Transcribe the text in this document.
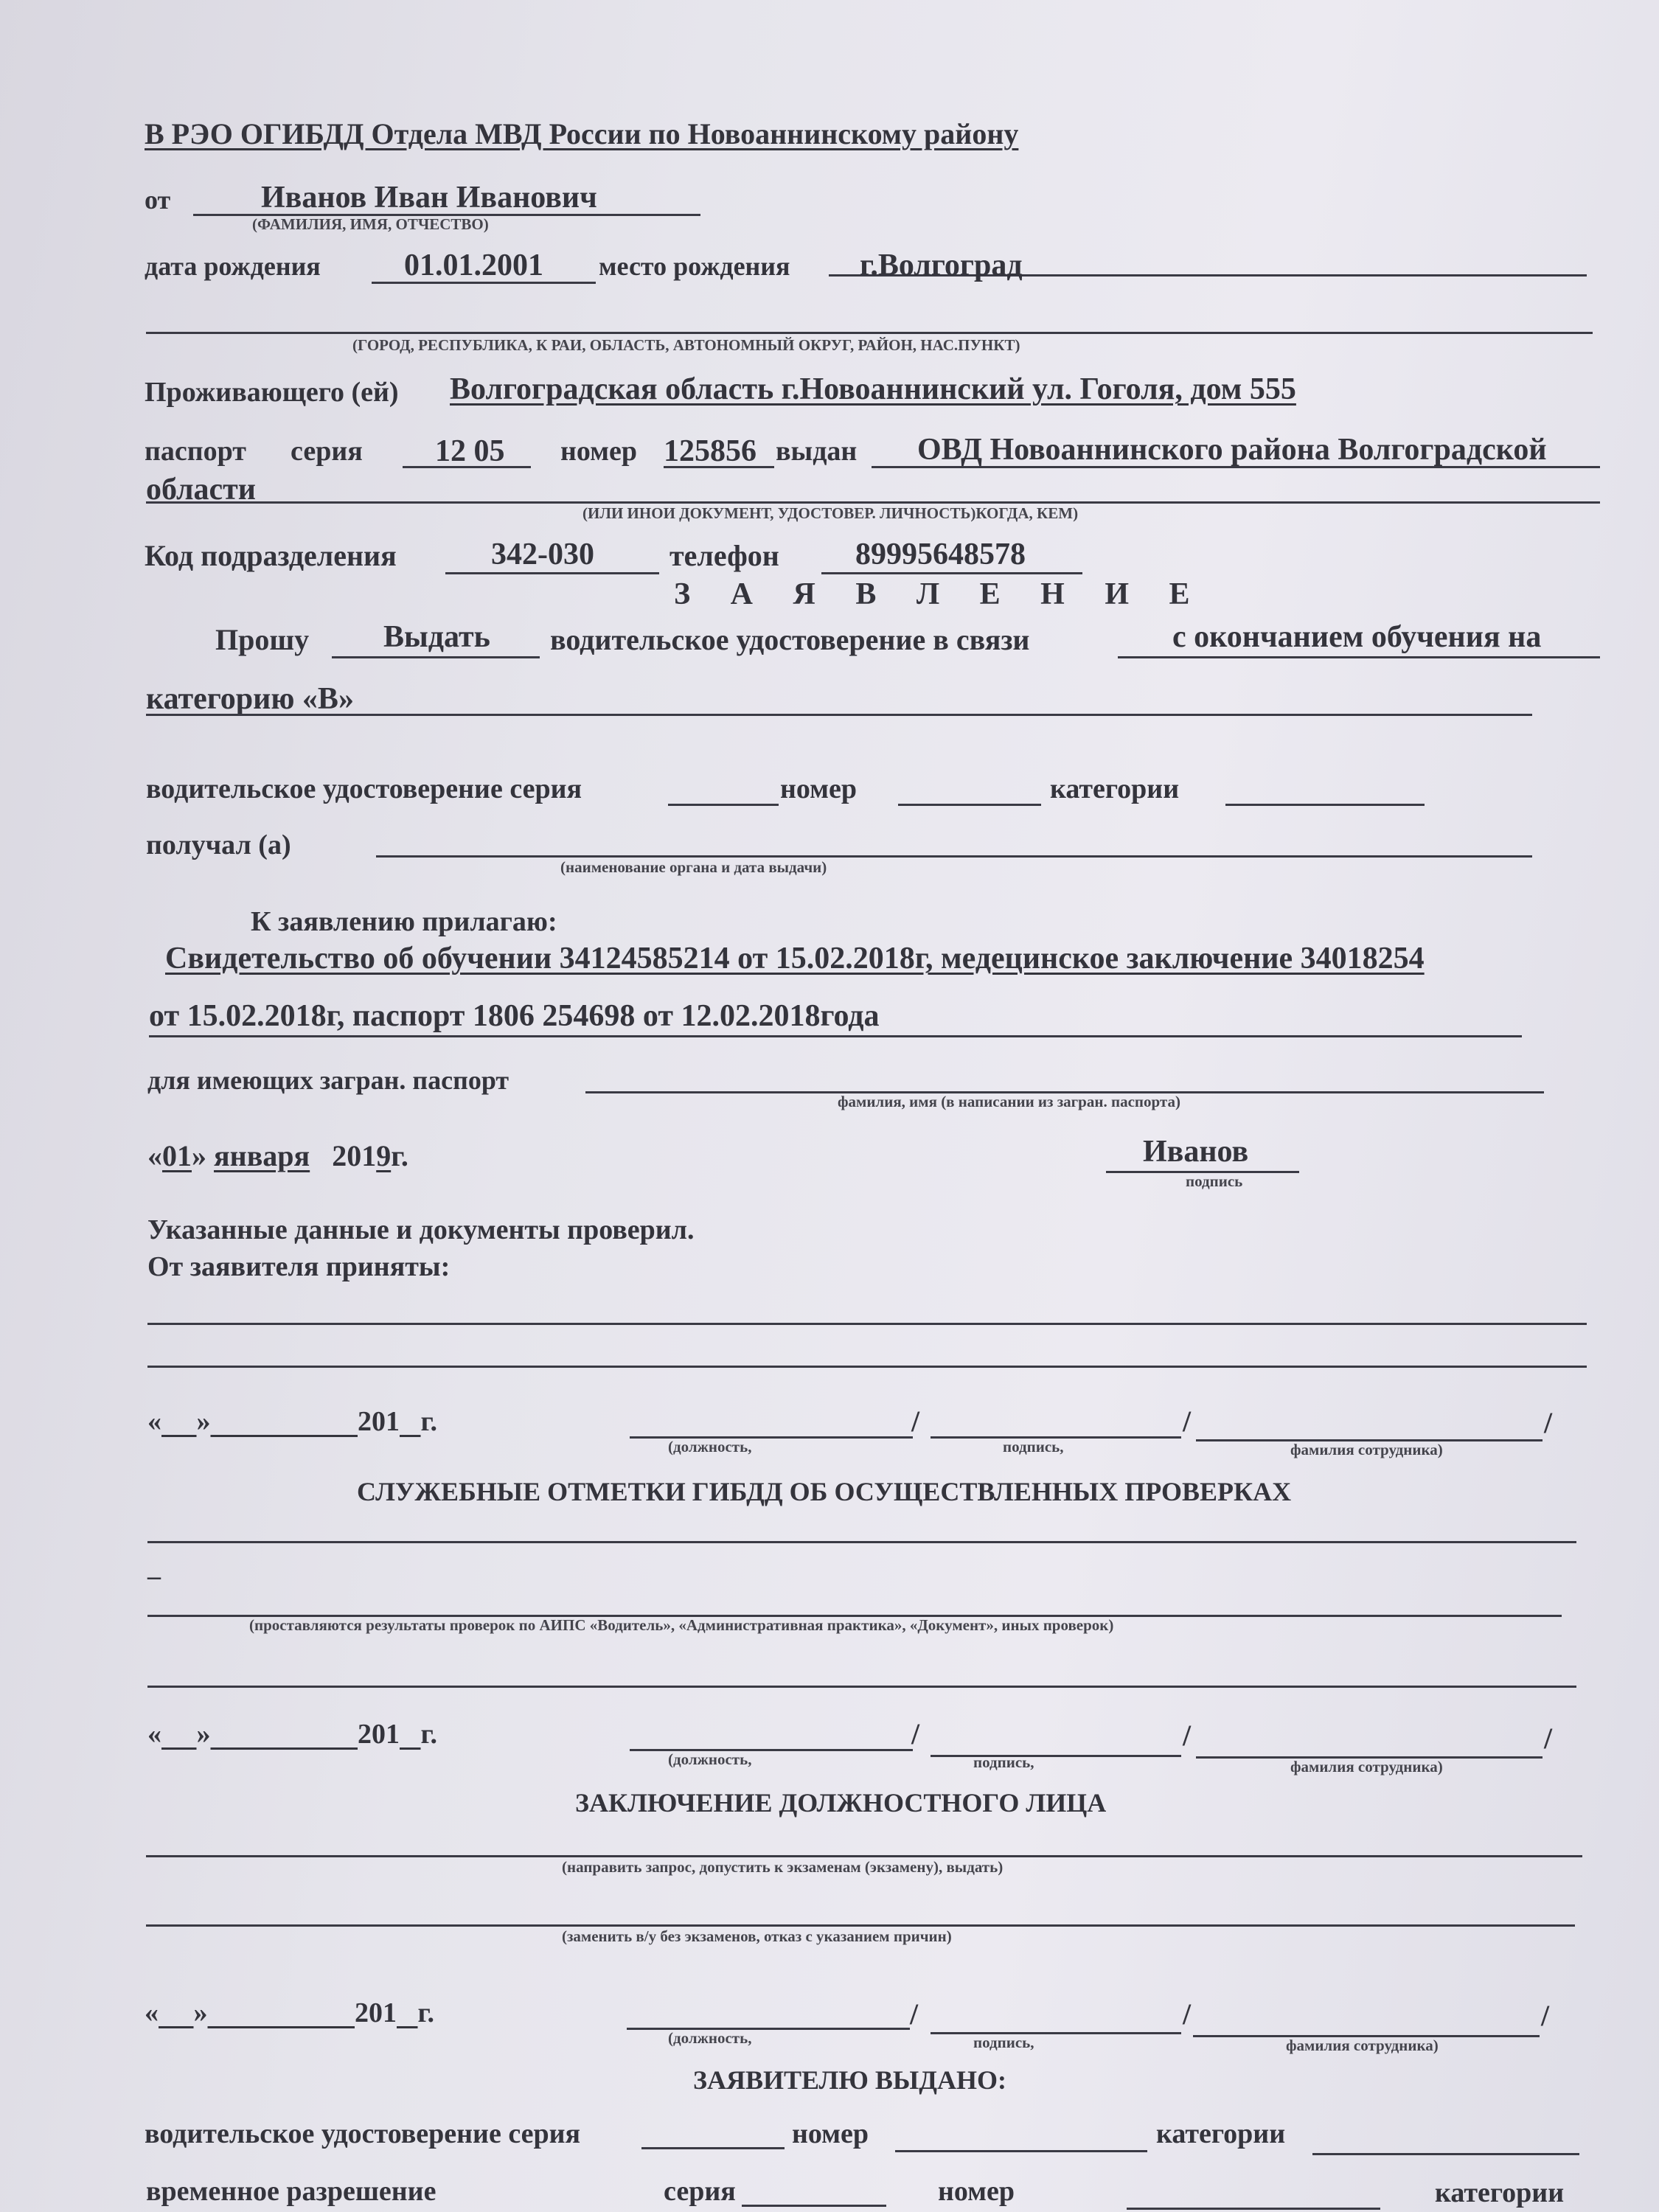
В РЭО ОГИБДД Отдела МВД России по Новоаннинскому району
от	Иванов Иван Иванович
(ФАМИЛИЯ, ИМЯ, ОТЧЕСТВО)
дата рождения	01.01.2001 место рождения г.Волгоград
(ГОРОД, РЕСПУБЛИКА, К РАИ, ОБЛАСТЬ, АВТОНОМНЫЙ ОКРУГ, РАЙОН, НАС.ПУНКТ)
Проживающего (ей) Волгоградская область г.Новоаннинский ул. Гоголя, дом 555
паспорт серия 12 05 номер 125856 выдан ОВД Новоаннинского района Волгоградской
области
(ИЛИ ИНОИ ДОКУМЕНТ, УДОСТОВЕР. ЛИЧНОСТЬ)КОГДА, КЕМ)
Код подразделения	342-030	телефон 89995648578
З А Я В Л Е Н И Е
Прошу Выдать водительское удостоверение в связи	с окончанием обучения на
категорию «В»
водительское удостоверение серия	номер	категории
получал (а)
(наименование органа и дата выдачи)
К заявлению прилагаю:
Свидетельство об обучении 34124585214 от 15.02.2018г, медецинское заключение 34018254
от 15.02.2018г, паспорт 1806 254698 от 12.02.2018года
для имеющих загран. паспорт
фамилия, имя (в написании из загран. паспорта)
«01» января 2019г.	Иванов
подпись
Указанные данные и документы проверил.
От заявителя приняты:
« »	201 г.	/	/	/
(должность,	подпись,	фамилия сотрудника)
СЛУЖЕБНЫЕ ОТМЕТКИ ГИБДД ОБ ОСУЩЕСТВЛЕННЫХ ПРОВЕРКАХ
_
(проставляются результаты проверок по АИПС «Водитель», «Административная практика», «Документ», иных проверок)
« »	201 г.	/	/	/
(должность,	подпись,	фамилия сотрудника)
ЗАКЛЮЧЕНИЕ ДОЛЖНОСТНОГО ЛИЦА
(направить запрос, допустить к экзаменам (экзамену), выдать)
(заменить в/у без экзаменов, отказ с указанием причин)
« »	201 г.	/	/	/
(должность,	подпись,	фамилия сотрудника)
ЗАЯВИТЕЛЮ ВЫДАНО:
водительское удостоверение серия	номер	категории
временное разрешение	серия	номер	категории
